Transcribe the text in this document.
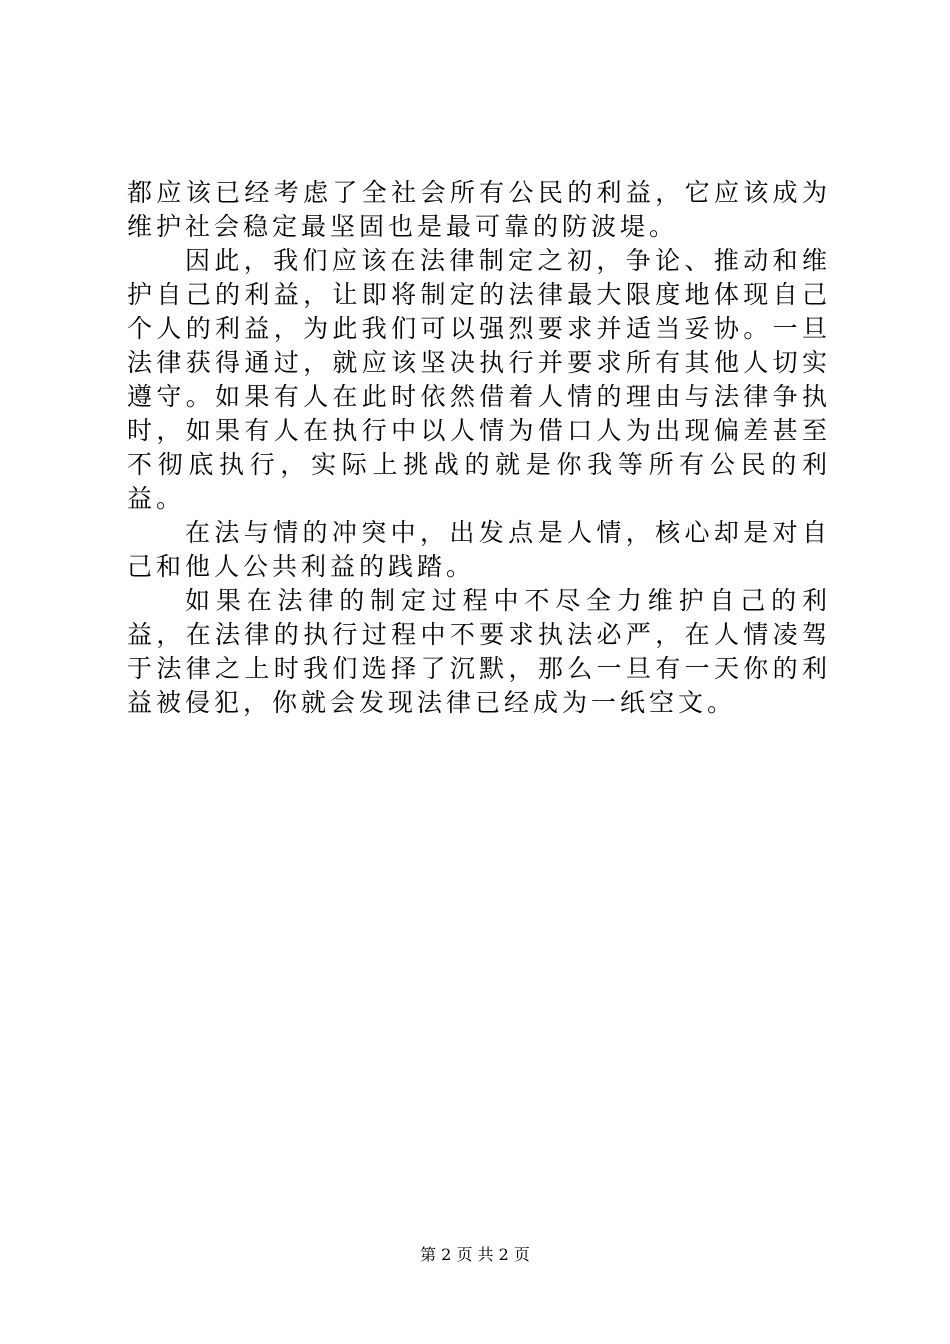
都应该已经考虑了全社会所有公民的利益，它应该成为维护社会稳定最坚固也是最可靠的防波堤。

因此，我们应该在法律制定之初，争论、推动和维护自己的利益，让即将制定的法律最大限度地体现自己个人的利益，为此我们可以强烈要求并适当妥协。一旦法律获得通过，就应该坚决执行并要求所有其他人切实遵守。如果有人在此时依然借着人情的理由与法律争执时，如果有人在执行中以人情为借口人为出现偏差甚至不彻底执行，实际上挑战的就是你我等所有公民的利益。

在法与情的冲突中，出发点是人情，核心却是对自己和他人公共利益的践踏。

如果在法律的制定过程中不尽全力维护自己的利益，在法律的执行过程中不要求执法必严，在人情凌驾于法律之上时我们选择了沉默，那么一旦有一天你的利益被侵犯，你就会发现法律已经成为一纸空文。

第 2 页 共 2 页
